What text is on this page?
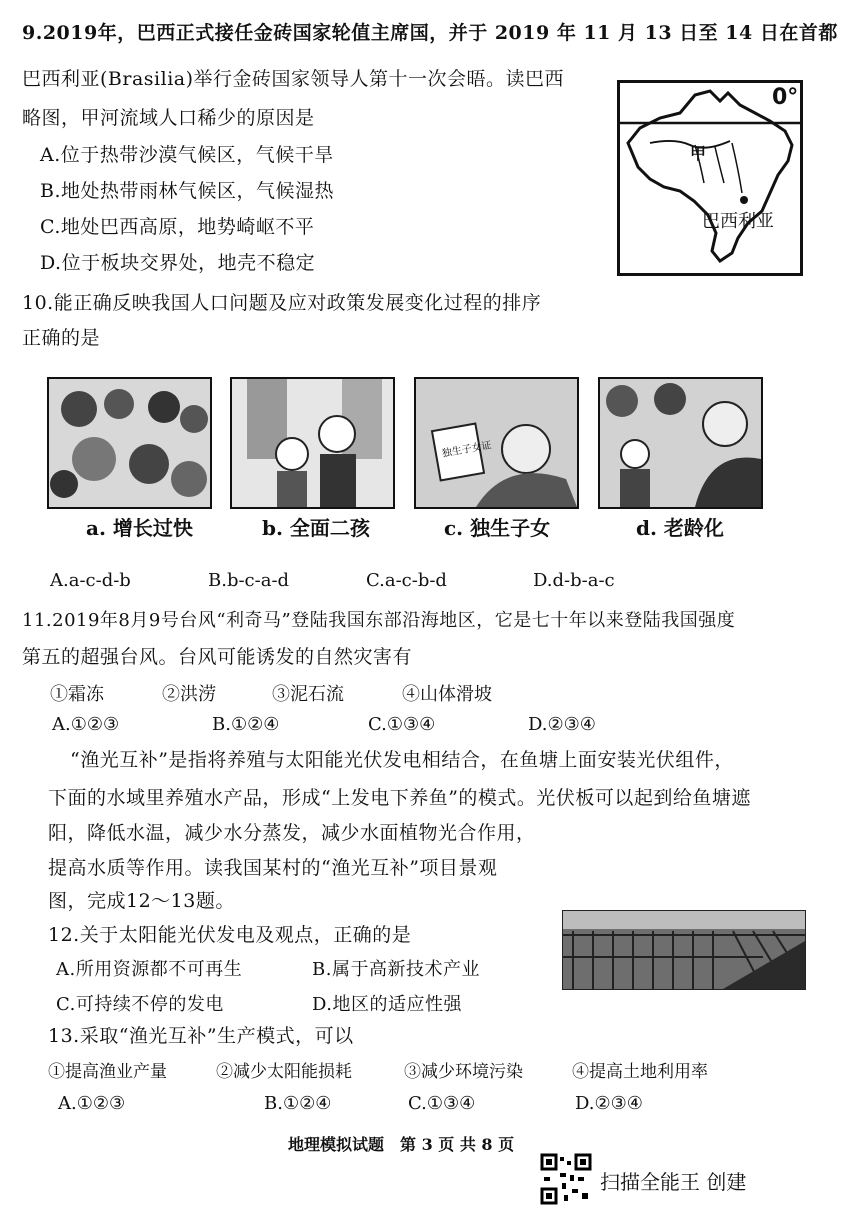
9.2019年，巴西正式接任金砖国家轮值主席国，并于 2019 年 11 月 13 日至 14 日在首都
巴西利亚(Brasilia)举行金砖国家领导人第十一次会晤。读巴西
略图，甲河流域人口稀少的原因是
A.位于热带沙漠气候区，气候干旱
B.地处热带雨林气候区，气候湿热
C.地处巴西高原，地势崎岖不平
D.位于板块交界处，地壳不稳定
0°
甲
巴西利亚
10.能正确反映我国人口问题及应对政策发展变化过程的排序
正确的是
独生子女证
a. 增长过快	b. 全面二孩	c. 独生子女	d. 老龄化
A.a-c-d-b	B.b-c-a-d	C.a-c-b-d	D.d-b-a-c
11.2019年8月9号台风“利奇马”登陆我国东部沿海地区，它是七十年以来登陆我国强度
第五的超强台风。台风可能诱发的自然灾害有
①霜冻	②洪涝	③泥石流	④山体滑坡
A.①②③	B.①②④	C.①③④	D.②③④
“渔光互补”是指将养殖与太阳能光伏发电相结合，在鱼塘上面安装光伏组件，
下面的水域里养殖水产品，形成“上发电下养鱼”的模式。光伏板可以起到给鱼塘遮
阳，降低水温，减少水分蒸发，减少水面植物光合作用，
提高水质等作用。读我国某村的“渔光互补”项目景观
图，完成12～13题。
12.关于太阳能光伏发电及观点，正确的是
A.所用资源都不可再生	B.属于高新技术产业
C.可持续不停的发电	D.地区的适应性强
13.采取“渔光互补”生产模式，可以
①提高渔业产量	②减少太阳能损耗	③减少环境污染	④提高土地利用率
A.①②③	B.①②④	C.①③④	D.②③④
地理模拟试题　第 3 页 共 8 页
扫描全能王 创建
